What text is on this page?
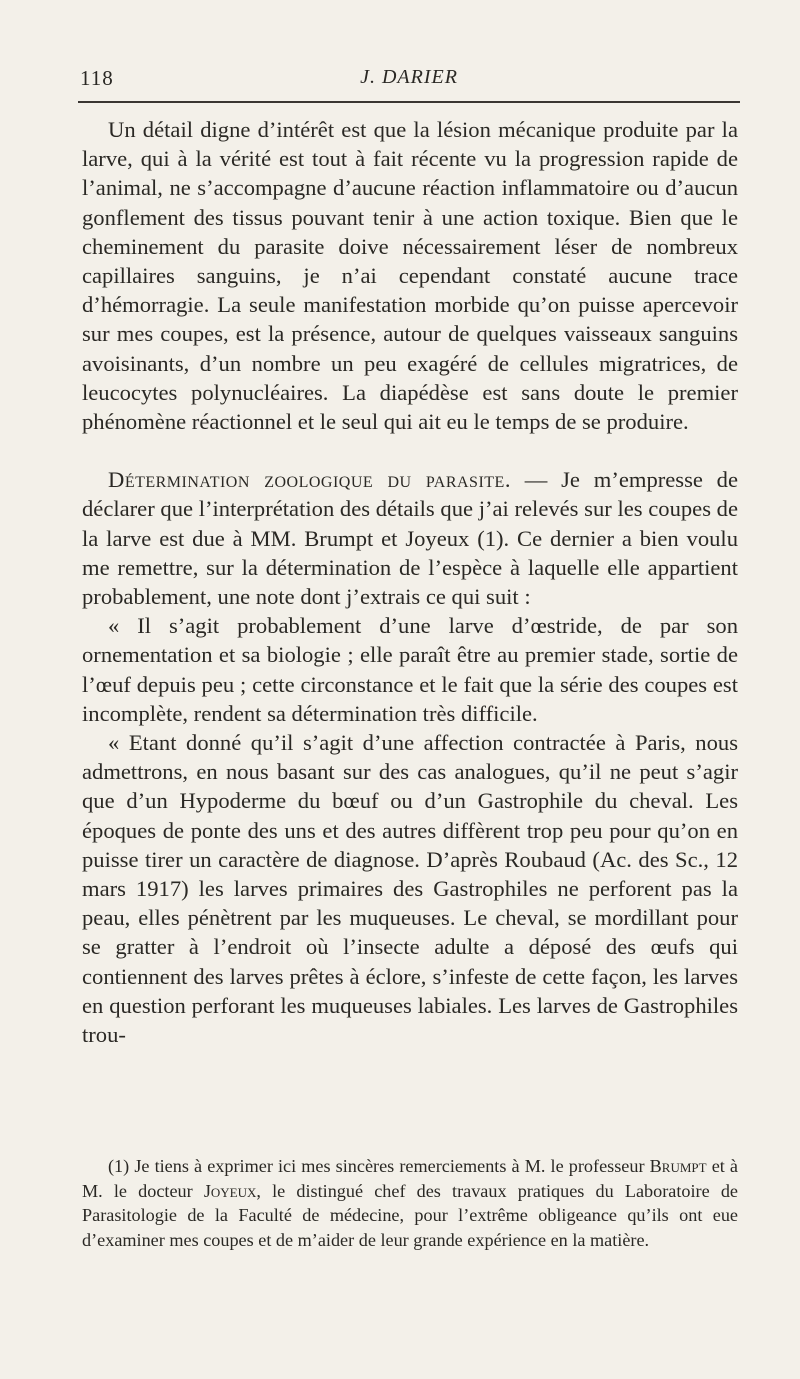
118	J. DARIER

Un détail digne d’intérêt est que la lésion mécanique produite par la larve, qui à la vérité est tout à fait récente vu la progression rapide de l’animal, ne s’accompagne d’aucune réaction inflammatoire ou d’aucun gonflement des tissus pouvant tenir à une action toxique. Bien que le cheminement du parasite doive nécessairement léser de nombreux capillaires sanguins, je n’ai cependant constaté aucune trace d’hémorragie. La seule manifestation morbide qu’on puisse apercevoir sur mes coupes, est la présence, autour de quelques vaisseaux sanguins avoisinants, d’un nombre un peu exagéré de cellules migratrices, de leucocytes polynucléaires. La diapédèse est sans doute le premier phénomène réactionnel et le seul qui ait eu le temps de se produire.

Détermination zoologique du parasite. — Je m’empresse de déclarer que l’interprétation des détails que j’ai relevés sur les coupes de la larve est due à MM. Brumpt et Joyeux (1). Ce dernier a bien voulu me remettre, sur la détermination de l’espèce à laquelle elle appartient probablement, une note dont j’extrais ce qui suit :

« Il s’agit probablement d’une larve d’œstride, de par son ornementation et sa biologie ; elle paraît être au premier stade, sortie de l’œuf depuis peu ; cette circonstance et le fait que la série des coupes est incomplète, rendent sa détermination très difficile.

« Etant donné qu’il s’agit d’une affection contractée à Paris, nous admettrons, en nous basant sur des cas analogues, qu’il ne peut s’agir que d’un Hypoderme du bœuf ou d’un Gastrophile du cheval. Les époques de ponte des uns et des autres diffèrent trop peu pour qu’on en puisse tirer un caractère de diagnose. D’après Roubaud (Ac. des Sc., 12 mars 1917) les larves primaires des Gastrophiles ne perforent pas la peau, elles pénètrent par les muqueuses. Le cheval, se mordillant pour se gratter à l’endroit où l’insecte adulte a déposé des œufs qui contiennent des larves prêtes à éclore, s’infeste de cette façon, les larves en question perforant les muqueuses labiales. Les larves de Gastrophiles trou-

(1) Je tiens à exprimer ici mes sincères remerciements à M. le professeur Brumpt et à M. le docteur Joyeux, le distingué chef des travaux pratiques du Laboratoire de Parasitologie de la Faculté de médecine, pour l’extrême obligeance qu’ils ont eue d’examiner mes coupes et de m’aider de leur grande expérience en la matière.
